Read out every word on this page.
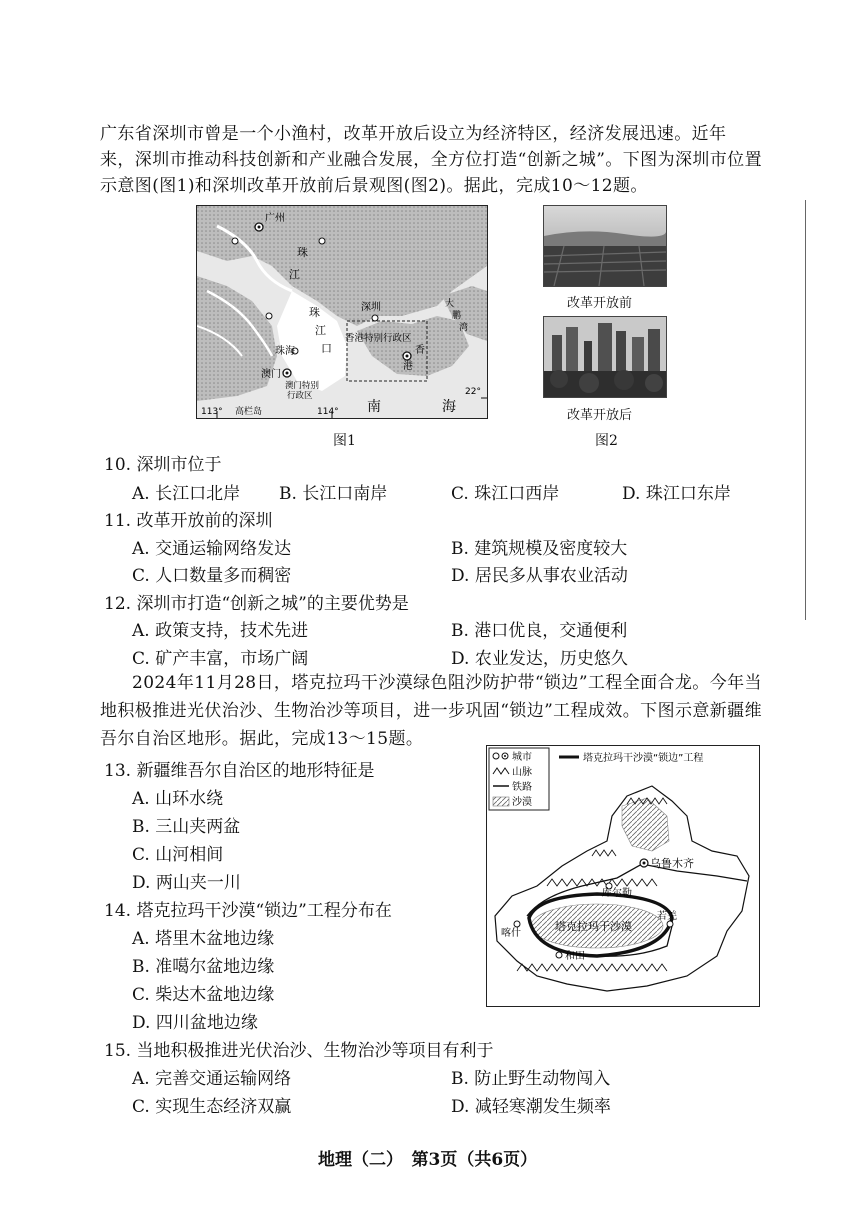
广东省深圳市曾是一个小渔村，改革开放后设立为经济特区，经济发展迅速。近年
来，深圳市推动科技创新和产业融合发展，全方位打造“创新之城”。下图为深圳市位置
示意图(图1)和深圳改革开放前后景观图(图2)。据此，完成10～12题。
广州
珠
江
珠
江
口
深圳	大
鹏
湾
香港特别行政区
香
港
珠海
澳门
澳门特别
行政区
高栏岛	南	海
113°	114°
22°
图1
改革开放前
改革开放后
图2
10. 深圳市位于
A. 长江口北岸 B. 长江口南岸	C. 珠江口西岸	D. 珠江口东岸
11. 改革开放前的深圳
A. 交通运输网络发达	B. 建筑规模及密度较大
C. 人口数量多而稠密	D. 居民多从事农业活动
12. 深圳市打造“创新之城”的主要优势是
A. 政策支持，技术先进	B. 港口优良，交通便利
C. 矿产丰富，市场广阔	D. 农业发达，历史悠久
2024年11月28日，塔克拉玛干沙漠绿色阻沙防护带“锁边”工程全面合龙。今年当
地积极推进光伏治沙、生物治沙等项目，进一步巩固“锁边”工程成效。下图示意新疆维
吾尔自治区地形。据此，完成13～15题。
城市
山脉
铁路
沙漠
塔克拉玛干沙漠“锁边”工程
乌鲁木齐
库尔勒
塔克拉玛干沙漠
若羌
和田
喀什
13. 新疆维吾尔自治区的地形特征是
A. 山环水绕
B. 三山夹两盆
C. 山河相间
D. 两山夹一川
14. 塔克拉玛干沙漠“锁边”工程分布在
A. 塔里木盆地边缘
B. 准噶尔盆地边缘
C. 柴达木盆地边缘
D. 四川盆地边缘
15. 当地积极推进光伏治沙、生物治沙等项目有利于
A. 完善交通运输网络	B. 防止野生动物闯入
C. 实现生态经济双赢	D. 减轻寒潮发生频率
地理（二）　第3页（共6页）
